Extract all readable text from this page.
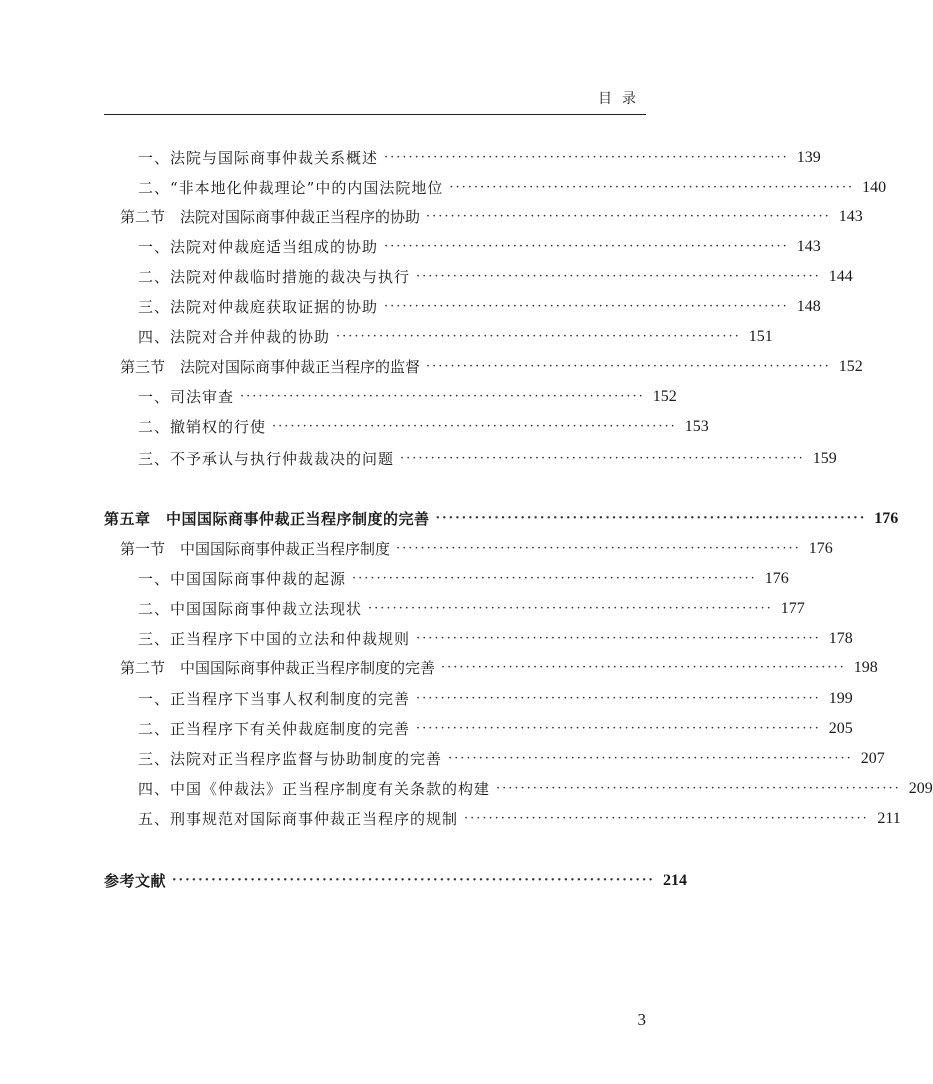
目录
一、法院与国际商事仲裁关系概述 ·································································· 139
二、“非本地化仲裁理论”中的内国法院地位 ·································································· 140
第二节　法院对国际商事仲裁正当程序的协助 ·································································· 143
一、法院对仲裁庭适当组成的协助 ·································································· 143
二、法院对仲裁临时措施的裁决与执行 ·································································· 144
三、法院对仲裁庭获取证据的协助 ·································································· 148
四、法院对合并仲裁的协助 ·································································· 151
第三节　法院对国际商事仲裁正当程序的监督 ·································································· 152
一、司法审查 ·································································· 152
二、撤销权的行使 ·································································· 153
三、不予承认与执行仲裁裁决的问题 ·································································· 159
第五章　中国国际商事仲裁正当程序制度的完善 ·································································· 176
第一节　中国国际商事仲裁正当程序制度 ·································································· 176
一、中国国际商事仲裁的起源 ·································································· 176
二、中国国际商事仲裁立法现状 ·································································· 177
三、正当程序下中国的立法和仲裁规则 ·································································· 178
第二节　中国国际商事仲裁正当程序制度的完善 ·································································· 198
一、正当程序下当事人权利制度的完善 ·································································· 199
二、正当程序下有关仲裁庭制度的完善 ·································································· 205
三、法院对正当程序监督与协助制度的完善 ·································································· 207
四、中国《仲裁法》正当程序制度有关条款的构建 ·································································· 209
五、刑事规范对国际商事仲裁正当程序的规制 ·································································· 211
参考文献 ·········································································· 214
3
